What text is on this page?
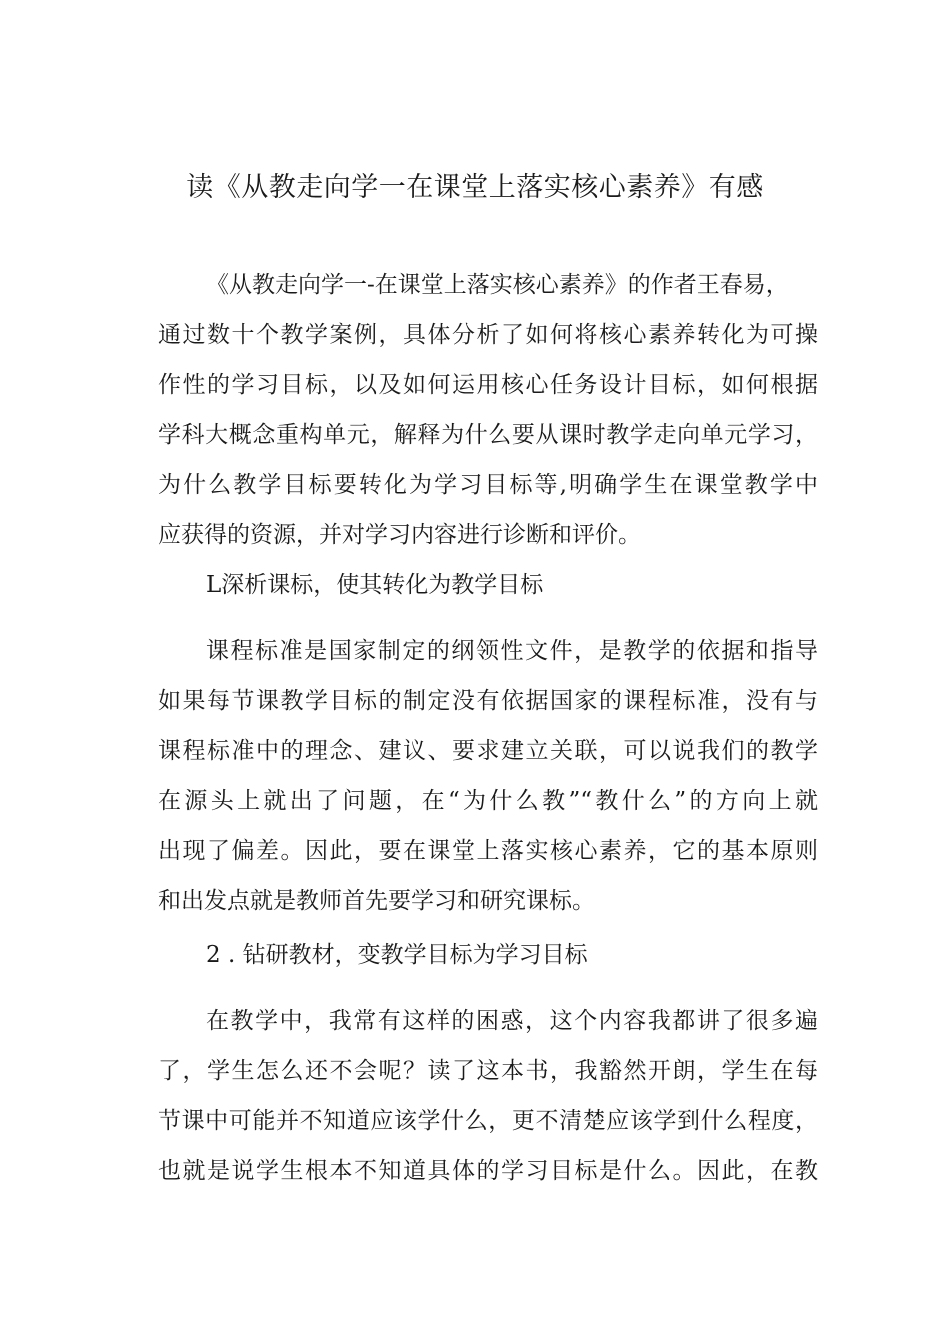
读《从教走向学一在课堂上落实核心素养》有感

《从教走向学一-在课堂上落实核心素养》的作者王春易，

通过数十个教学案例，具体分析了如何将核心素养转化为可操

作性的学习目标，以及如何运用核心任务设计目标，如何根据

学科大概念重构单元，解释为什么要从课时教学走向单元学习，

为什么教学目标要转化为学习目标等,明确学生在课堂教学中

应获得的资源，并对学习内容进行诊断和评价。

L深析课标，使其转化为教学目标

课程标准是国家制定的纲领性文件，是教学的依据和指导

如果每节课教学目标的制定没有依据国家的课程标准，没有与

课程标准中的理念、建议、要求建立关联，可以说我们的教学

在源头上就出了问题，在“为什么教”“教什么”的方向上就

出现了偏差。因此，要在课堂上落实核心素养，它的基本原则

和出发点就是教师首先要学习和研究课标。

2 . 钻研教材，变教学目标为学习目标

在教学中，我常有这样的困惑，这个内容我都讲了很多遍

了，学生怎么还不会呢？读了这本书，我豁然开朗，学生在每

节课中可能并不知道应该学什么，更不清楚应该学到什么程度，

也就是说学生根本不知道具体的学习目标是什么。因此，在教
